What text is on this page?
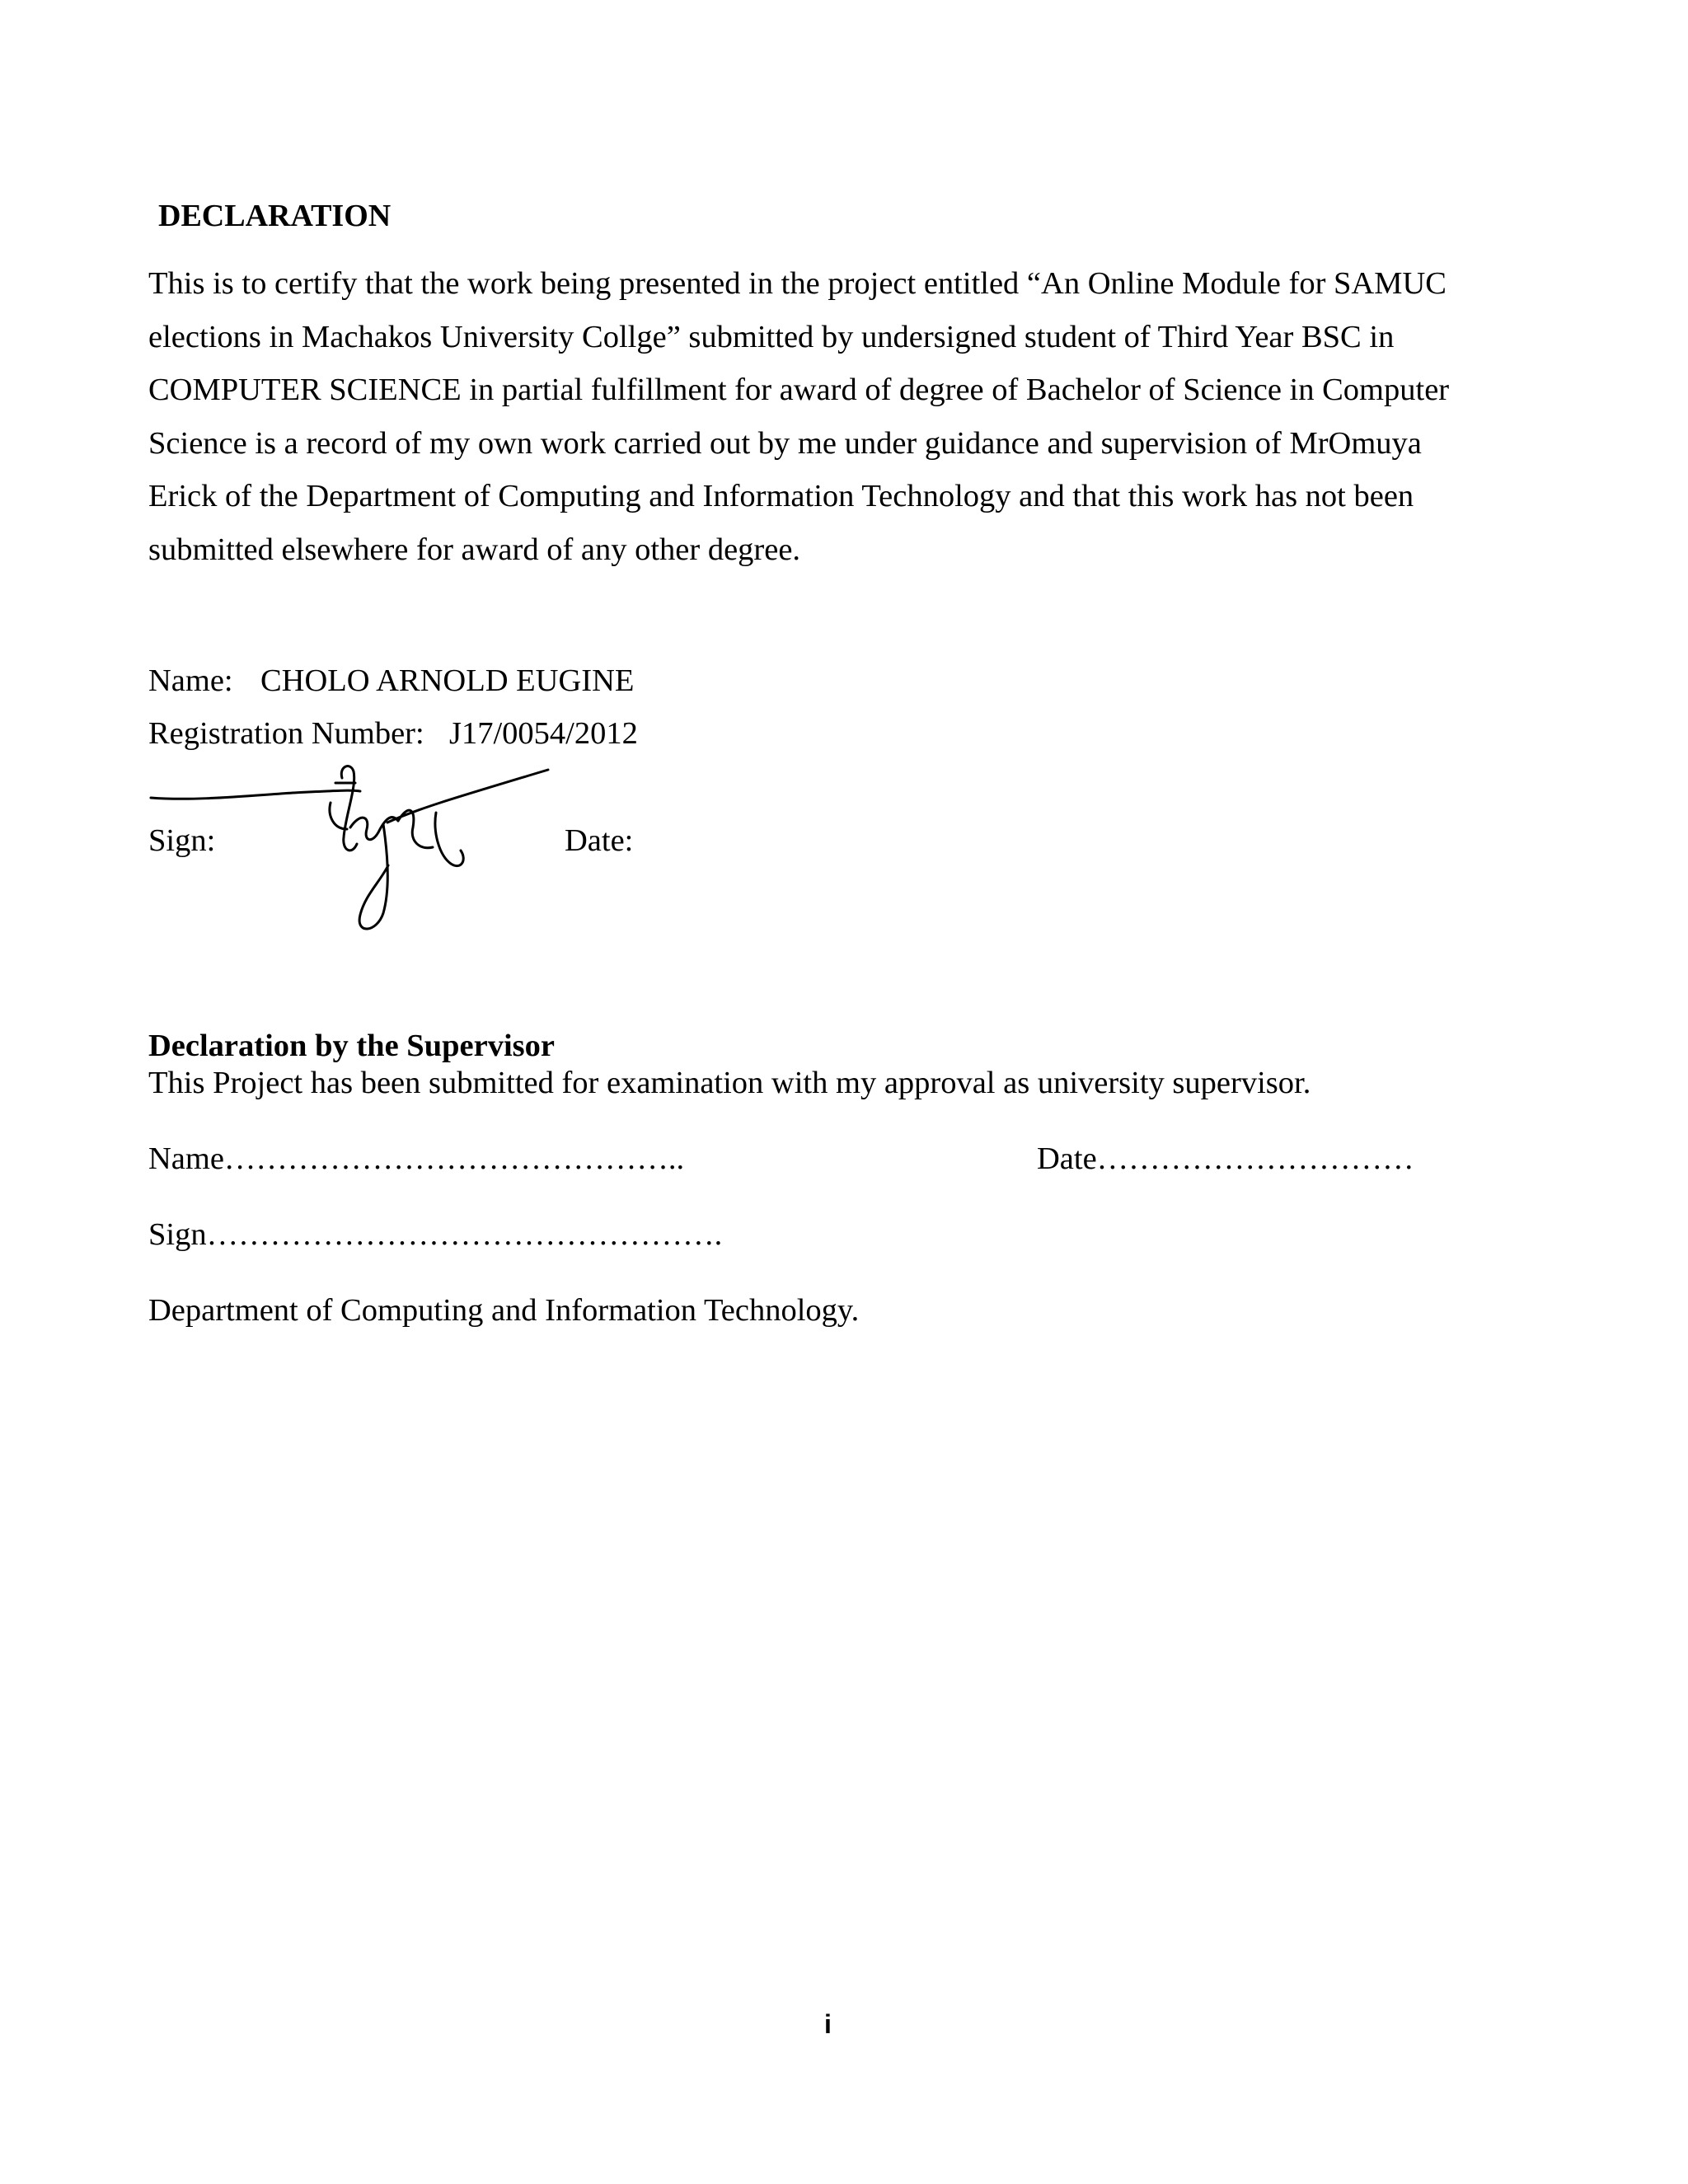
DECLARATION
This is to certify that the work being presented in the project entitled “An Online Module for SAMUC
elections in Machakos University Collge” submitted by undersigned student of Third Year BSC in
COMPUTER SCIENCE in partial fulfillment for award of degree of Bachelor of Science in Computer
Science is a record of my own work carried out by me under guidance and supervision of MrOmuya
Erick of the Department of Computing and Information Technology and that this work has not been
submitted elsewhere for award of any other degree.
Name: CHOLO ARNOLD EUGINE
Registration Number: J17/0054/2012
Sign:	Date:
Declaration by the Supervisor
This Project has been submitted for examination with my approval as university supervisor.
Name……………………………………..	Date…………………………
Sign………………………………………….
Department of Computing and Information Technology.
i
